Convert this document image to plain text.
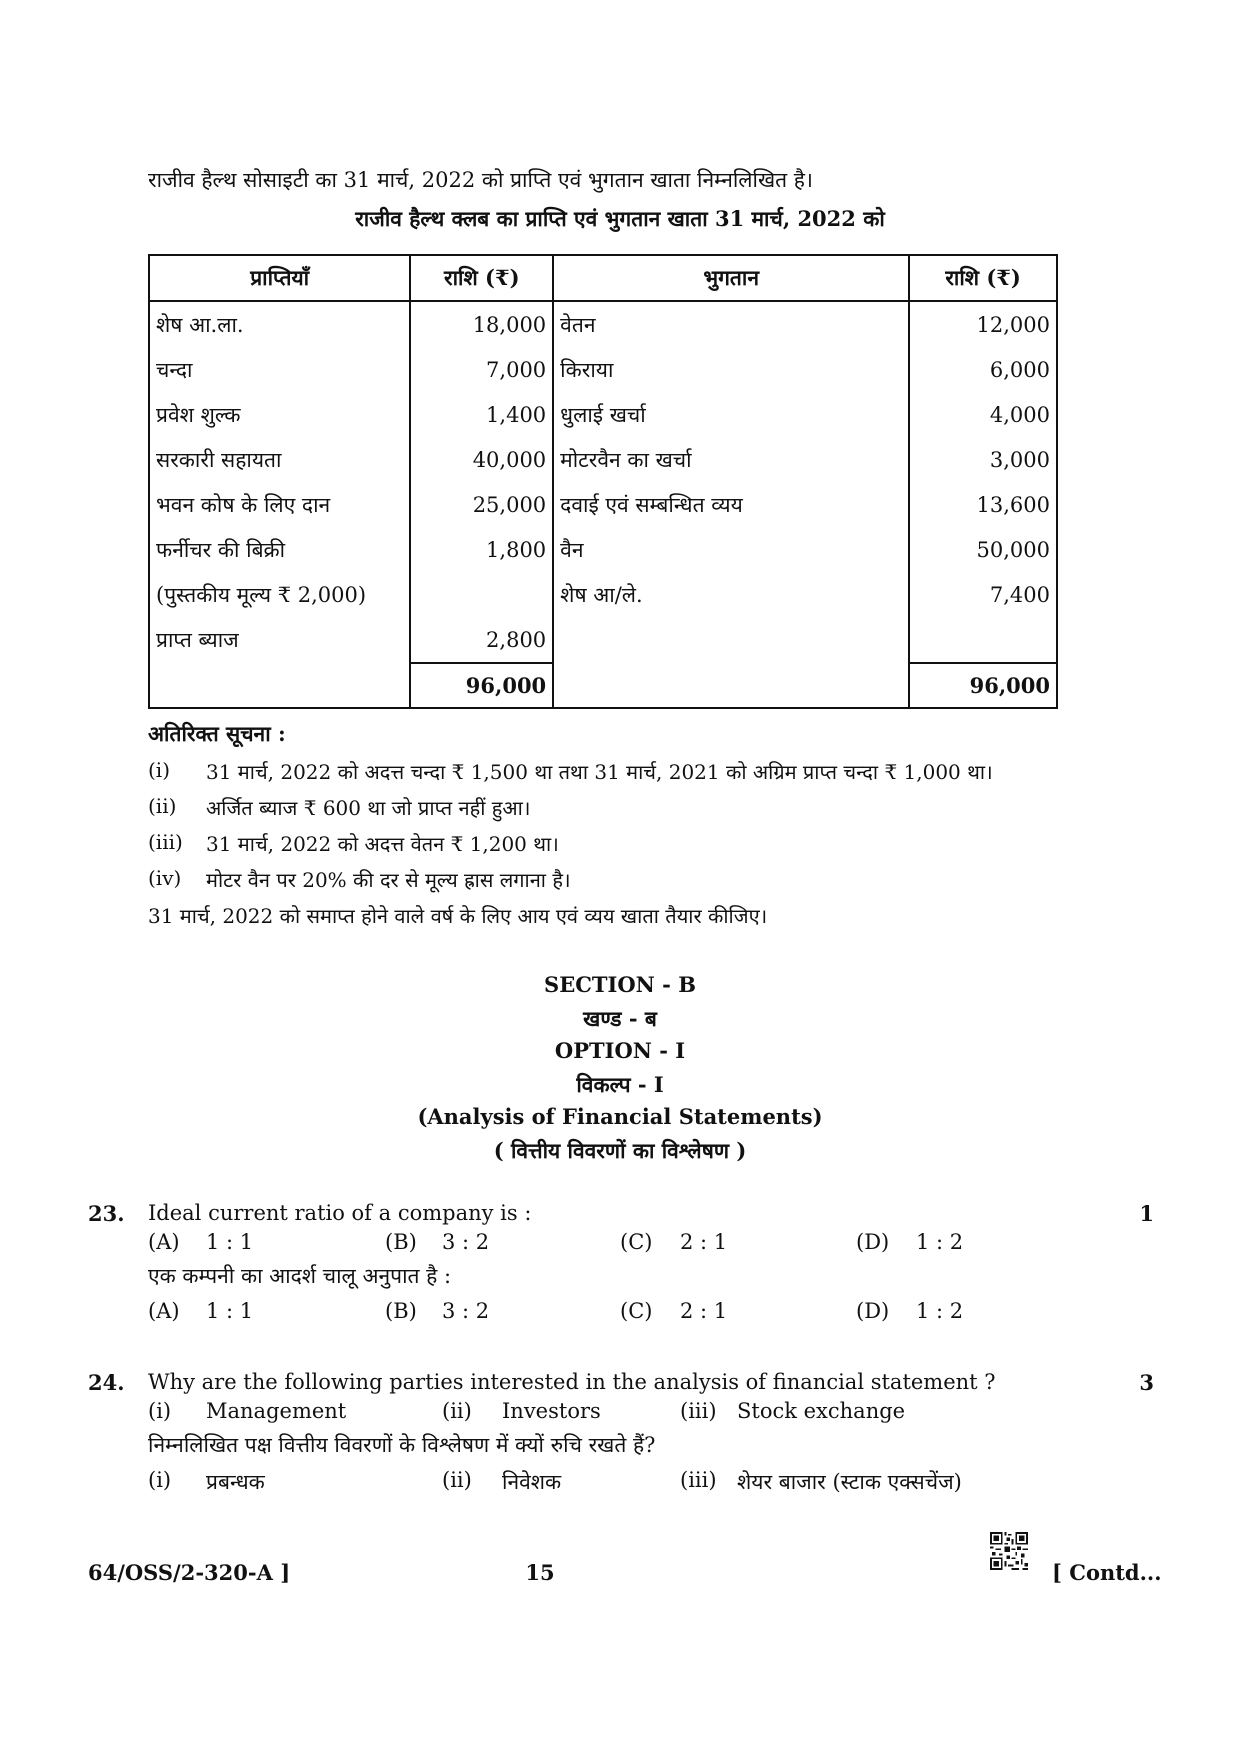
राजीव हैल्थ सोसाइटी का 31 मार्च, 2022 को प्राप्ति एवं भुगतान खाता निम्नलिखित है।
राजीव हैल्थ क्लब का प्राप्ति एवं भुगतान खाता 31 मार्च, 2022 को
प्राप्तियाँ	राशि (₹)	भुगतान	राशि (₹)
शेष आ.ला.	18,000	वेतन	12,000
चन्दा	7,000	किराया	6,000
प्रवेश शुल्क	1,400	धुलाई खर्चा	4,000
सरकारी सहायता	40,000	मोटरवैन का खर्चा	3,000
भवन कोष के लिए दान	25,000	दवाई एवं सम्बन्धित व्यय	13,600
फर्नीचर की बिक्री	1,800	वैन	50,000
(पुस्तकीय मूल्य ₹ 2,000)		शेष आ/ले.	7,400
प्राप्त ब्याज	2,800		
	96,000		96,000
अतिरिक्त सूचना :
(i) 31 मार्च, 2022 को अदत्त चन्दा ₹ 1,500 था तथा 31 मार्च, 2021 को अग्रिम प्राप्त चन्दा ₹ 1,000 था।
(ii) अर्जित ब्याज ₹ 600 था जो प्राप्त नहीं हुआ।
(iii) 31 मार्च, 2022 को अदत्त वेतन ₹ 1,200 था।
(iv) मोटर वैन पर 20% की दर से मूल्य ह्रास लगाना है।
31 मार्च, 2022 को समाप्त होने वाले वर्ष के लिए आय एवं व्यय खाता तैयार कीजिए।
SECTION - B
खण्ड - ब
OPTION - I
विकल्प - I
(Analysis of Financial Statements)
( वित्तीय विवरणों का विश्लेषण )
23. Ideal current ratio of a company is :	1
(A) 1 : 1	(B) 3 : 2	(C) 2 : 1	(D) 1 : 2
एक कम्पनी का आदर्श चालू अनुपात है :
(A) 1 : 1	(B) 3 : 2	(C) 2 : 1	(D) 1 : 2
24. Why are the following parties interested in the analysis of financial statement ?	3
(i) Management	(ii) Investors	(iii) Stock exchange
निम्नलिखित पक्ष वित्तीय विवरणों के विश्लेषण में क्यों रुचि रखते हैं?
(i) प्रबन्धक	(ii) निवेशक	(iii) शेयर बाजार (स्टाक एक्सचेंज)
64/OSS/2-320-A ]	15	[ Contd...
